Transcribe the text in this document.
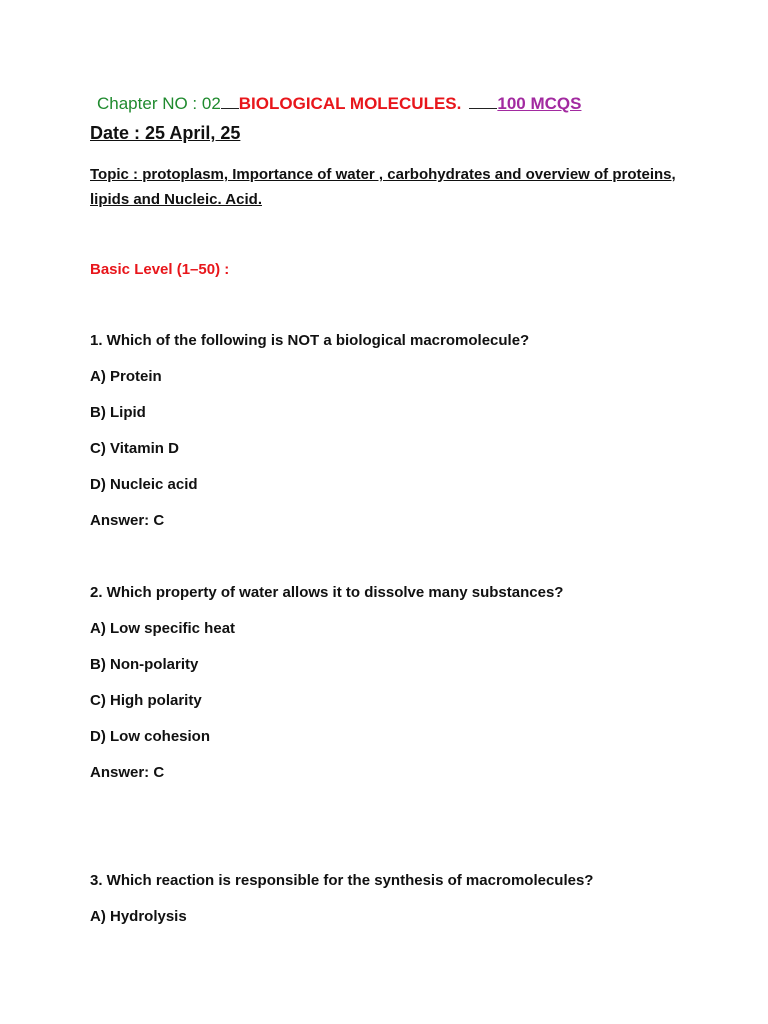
Chapter NO : 02 BIOLOGICAL MOLECULES. 100 MCQS
Date : 25 April, 25
Topic : protoplasm, Importance of water , carbohydrates and overview of proteins, lipids and Nucleic. Acid.
Basic Level (1–50) :
1. Which of the following is NOT a biological macromolecule?
A) Protein
B) Lipid
C) Vitamin D
D) Nucleic acid
Answer: C
2. Which property of water allows it to dissolve many substances?
A) Low specific heat
B) Non-polarity
C) High polarity
D) Low cohesion
Answer: C
3. Which reaction is responsible for the synthesis of macromolecules?
A) Hydrolysis
